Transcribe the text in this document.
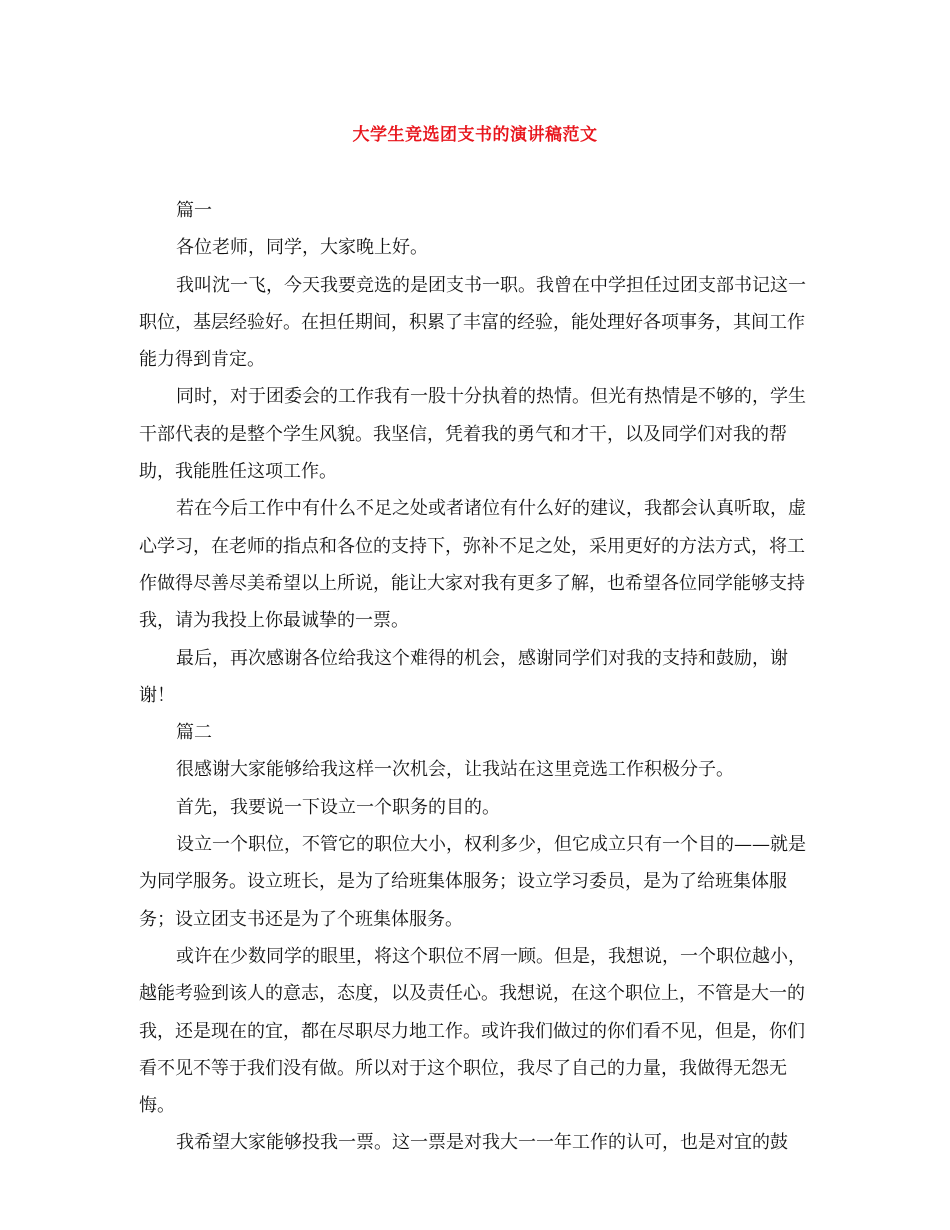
大学生竞选团支书的演讲稿范文

篇一

各位老师，同学，大家晚上好。

我叫沈一飞，今天我要竞选的是团支书一职。我曾在中学担任过团支部书记这一职位，基层经验好。在担任期间，积累了丰富的经验，能处理好各项事务，其间工作能力得到肯定。

同时，对于团委会的工作我有一股十分执着的热情。但光有热情是不够的，学生干部代表的是整个学生风貌。我坚信，凭着我的勇气和才干，以及同学们对我的帮助，我能胜任这项工作。

若在今后工作中有什么不足之处或者诸位有什么好的建议，我都会认真听取，虚心学习，在老师的指点和各位的支持下，弥补不足之处，采用更好的方法方式，将工作做得尽善尽美希望以上所说，能让大家对我有更多了解，也希望各位同学能够支持我，请为我投上你最诚挚的一票。

最后，再次感谢各位给我这个难得的机会，感谢同学们对我的支持和鼓励，谢谢！

篇二

很感谢大家能够给我这样一次机会，让我站在这里竞选工作积极分子。

首先，我要说一下设立一个职务的目的。

设立一个职位，不管它的职位大小，权利多少，但它成立只有一个目的——就是为同学服务。设立班长，是为了给班集体服务；设立学习委员，是为了给班集体服务；设立团支书还是为了个班集体服务。

或许在少数同学的眼里，将这个职位不屑一顾。但是，我想说，一个职位越小，越能考验到该人的意志，态度，以及责任心。我想说，在这个职位上，不管是大一的我，还是现在的宜，都在尽职尽力地工作。或许我们做过的你们看不见，但是，你们看不见不等于我们没有做。所以对于这个职位，我尽了自己的力量，我做得无怨无悔。

我希望大家能够投我一票。这一票是对我大一一年工作的认可，也是对宜的鼓
